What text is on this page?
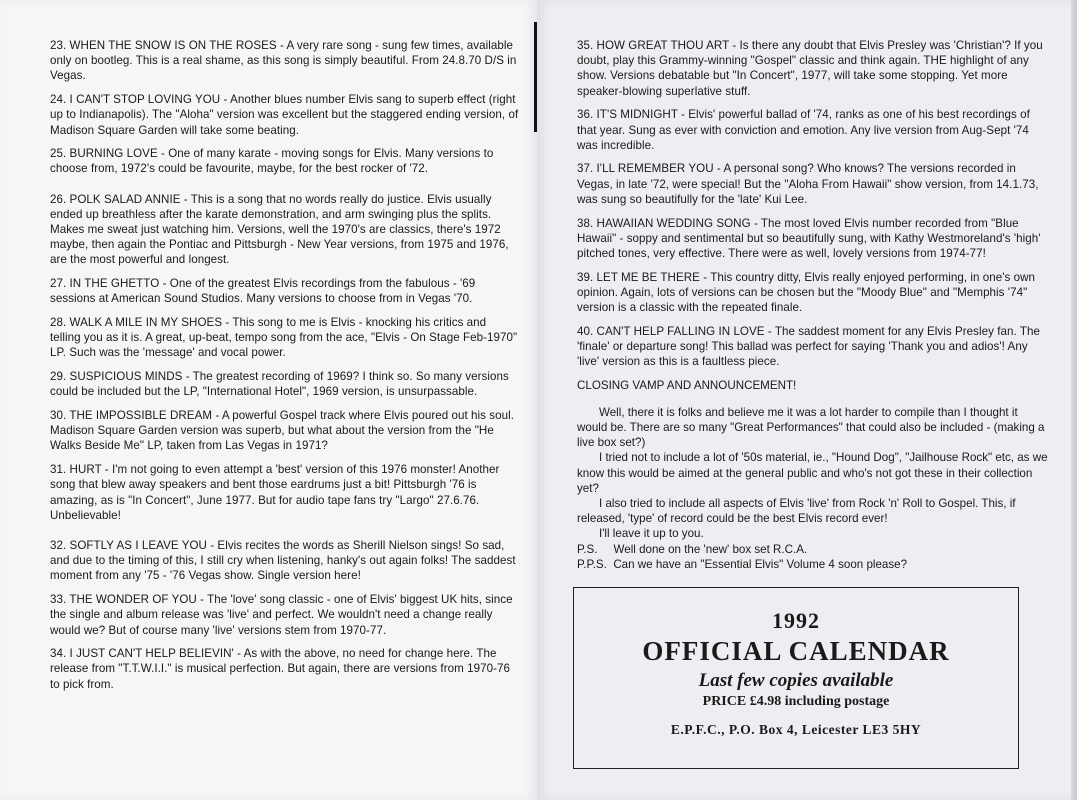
23. WHEN THE SNOW IS ON THE ROSES - A very rare song - sung few times, available only on bootleg. This is a real shame, as this song is simply beautiful. From 24.8.70 D/S in Vegas.

24. I CAN'T STOP LOVING YOU - Another blues number Elvis sang to superb effect (right up to Indianapolis). The "Aloha" version was excellent but the staggered ending version, of Madison Square Garden will take some beating.

25. BURNING LOVE - One of many karate - moving songs for Elvis. Many versions to choose from, 1972's could be favourite, maybe, for the best rocker of '72.

26. POLK SALAD ANNIE - This is a song that no words really do justice. Elvis usually ended up breathless after the karate demonstration, and arm swinging plus the splits. Makes me sweat just watching him. Versions, well the 1970's are classics, there's 1972 maybe, then again the Pontiac and Pittsburgh - New Year versions, from 1975 and 1976, are the most powerful and longest.

27. IN THE GHETTO - One of the greatest Elvis recordings from the fabulous - '69 sessions at American Sound Studios. Many versions to choose from in Vegas '70.

28. WALK A MILE IN MY SHOES - This song to me is Elvis - knocking his critics and telling you as it is. A great, up-beat, tempo song from the ace, "Elvis - On Stage Feb-1970" LP. Such was the 'message' and vocal power.

29. SUSPICIOUS MINDS - The greatest recording of 1969? I think so. So many versions could be included but the LP, "International Hotel", 1969 version, is unsurpassable.

30. THE IMPOSSIBLE DREAM - A powerful Gospel track where Elvis poured out his soul. Madison Square Garden version was superb, but what about the version from the "He Walks Beside Me" LP, taken from Las Vegas in 1971?

31. HURT - I'm not going to even attempt a 'best' version of this 1976 monster! Another song that blew away speakers and bent those eardrums just a bit! Pittsburgh '76 is amazing, as is "In Concert", June 1977. But for audio tape fans try "Largo" 27.6.76. Unbelievable!

32. SOFTLY AS I LEAVE YOU - Elvis recites the words as Sherill Nielson sings! So sad, and due to the timing of this, I still cry when listening, hanky's out again folks! The saddest moment from any '75 - '76 Vegas show. Single version here!

33. THE WONDER OF YOU - The 'love' song classic - one of Elvis' biggest UK hits, since the single and album release was 'live' and perfect. We wouldn't need a change really would we? But of course many 'live' versions stem from 1970-77.

34. I JUST CAN'T HELP BELIEVIN' - As with the above, no need for change here. The release from "T.T.W.I.I." is musical perfection. But again, there are versions from 1970-76 to pick from.

35. HOW GREAT THOU ART - Is there any doubt that Elvis Presley was 'Christian'? If you doubt, play this Grammy-winning "Gospel" classic and think again. THE highlight of any show. Versions debatable but "In Concert", 1977, will take some stopping. Yet more speaker-blowing superlative stuff.

36. IT'S MIDNIGHT - Elvis' powerful ballad of '74, ranks as one of his best recordings of that year. Sung as ever with conviction and emotion. Any live version from Aug-Sept '74 was incredible.

37. I'LL REMEMBER YOU - A personal song? Who knows? The versions recorded in Vegas, in late '72, were special! But the "Aloha From Hawaii" show version, from 14.1.73, was sung so beautifully for the 'late' Kui Lee.

38. HAWAIIAN WEDDING SONG - The most loved Elvis number recorded from "Blue Hawaii" - soppy and sentimental but so beautifully sung, with Kathy Westmoreland's 'high' pitched tones, very effective. There were as well, lovely versions from 1974-77!

39. LET ME BE THERE - This country ditty, Elvis really enjoyed performing, in one's own opinion. Again, lots of versions can be chosen but the "Moody Blue" and "Memphis '74" version is a classic with the repeated finale.

40. CAN'T HELP FALLING IN LOVE - The saddest moment for any Elvis Presley fan. The 'finale' or departure song! This ballad was perfect for saying 'Thank you and adios'! Any 'live' version as this is a faultless piece.

CLOSING VAMP AND ANNOUNCEMENT!

Well, there it is folks and believe me it was a lot harder to compile than I thought it would be. There are so many "Great Performances" that could also be included - (making a live box set?)

I tried not to include a lot of '50s material, ie., "Hound Dog", "Jailhouse Rock" etc, as we know this would be aimed at the general public and who's not got these in their collection yet?

I also tried to include all aspects of Elvis 'live' from Rock 'n' Roll to Gospel. This, if released, 'type' of record could be the best Elvis record ever!

I'll leave it up to you.

P.S.     Well done on the 'new' box set R.C.A.

P.P.S.  Can we have an "Essential Elvis" Volume 4 soon please?

1992
OFFICIAL CALENDAR
Last few copies available
PRICE £4.98 including postage
E.P.F.C., P.O. Box 4, Leicester LE3 5HY
